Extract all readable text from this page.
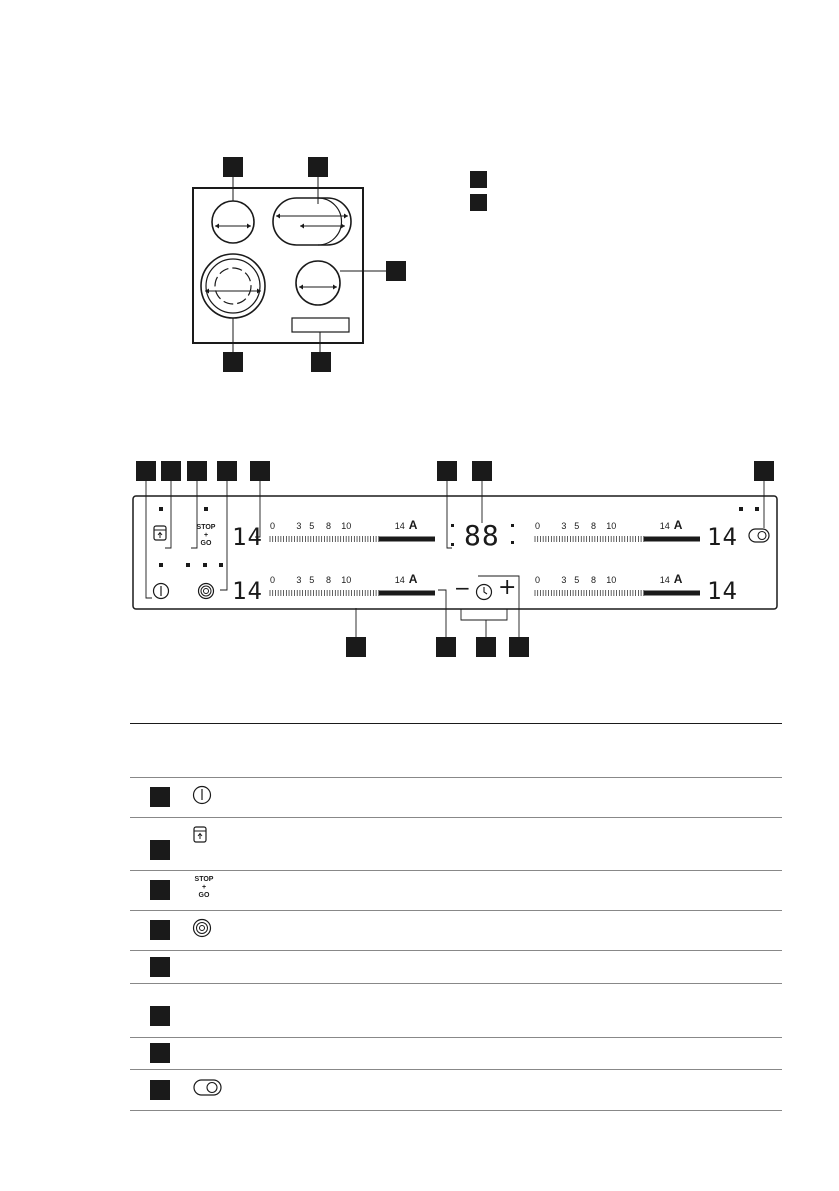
STOP
+
GO 14
14
14
14
88
0 3 5 8 10	14 A	0 3 5 8 10	14 A
0 3 5 8 10	14 A	0 3 5 8 10	14 A
− +
STOP
+
GO
